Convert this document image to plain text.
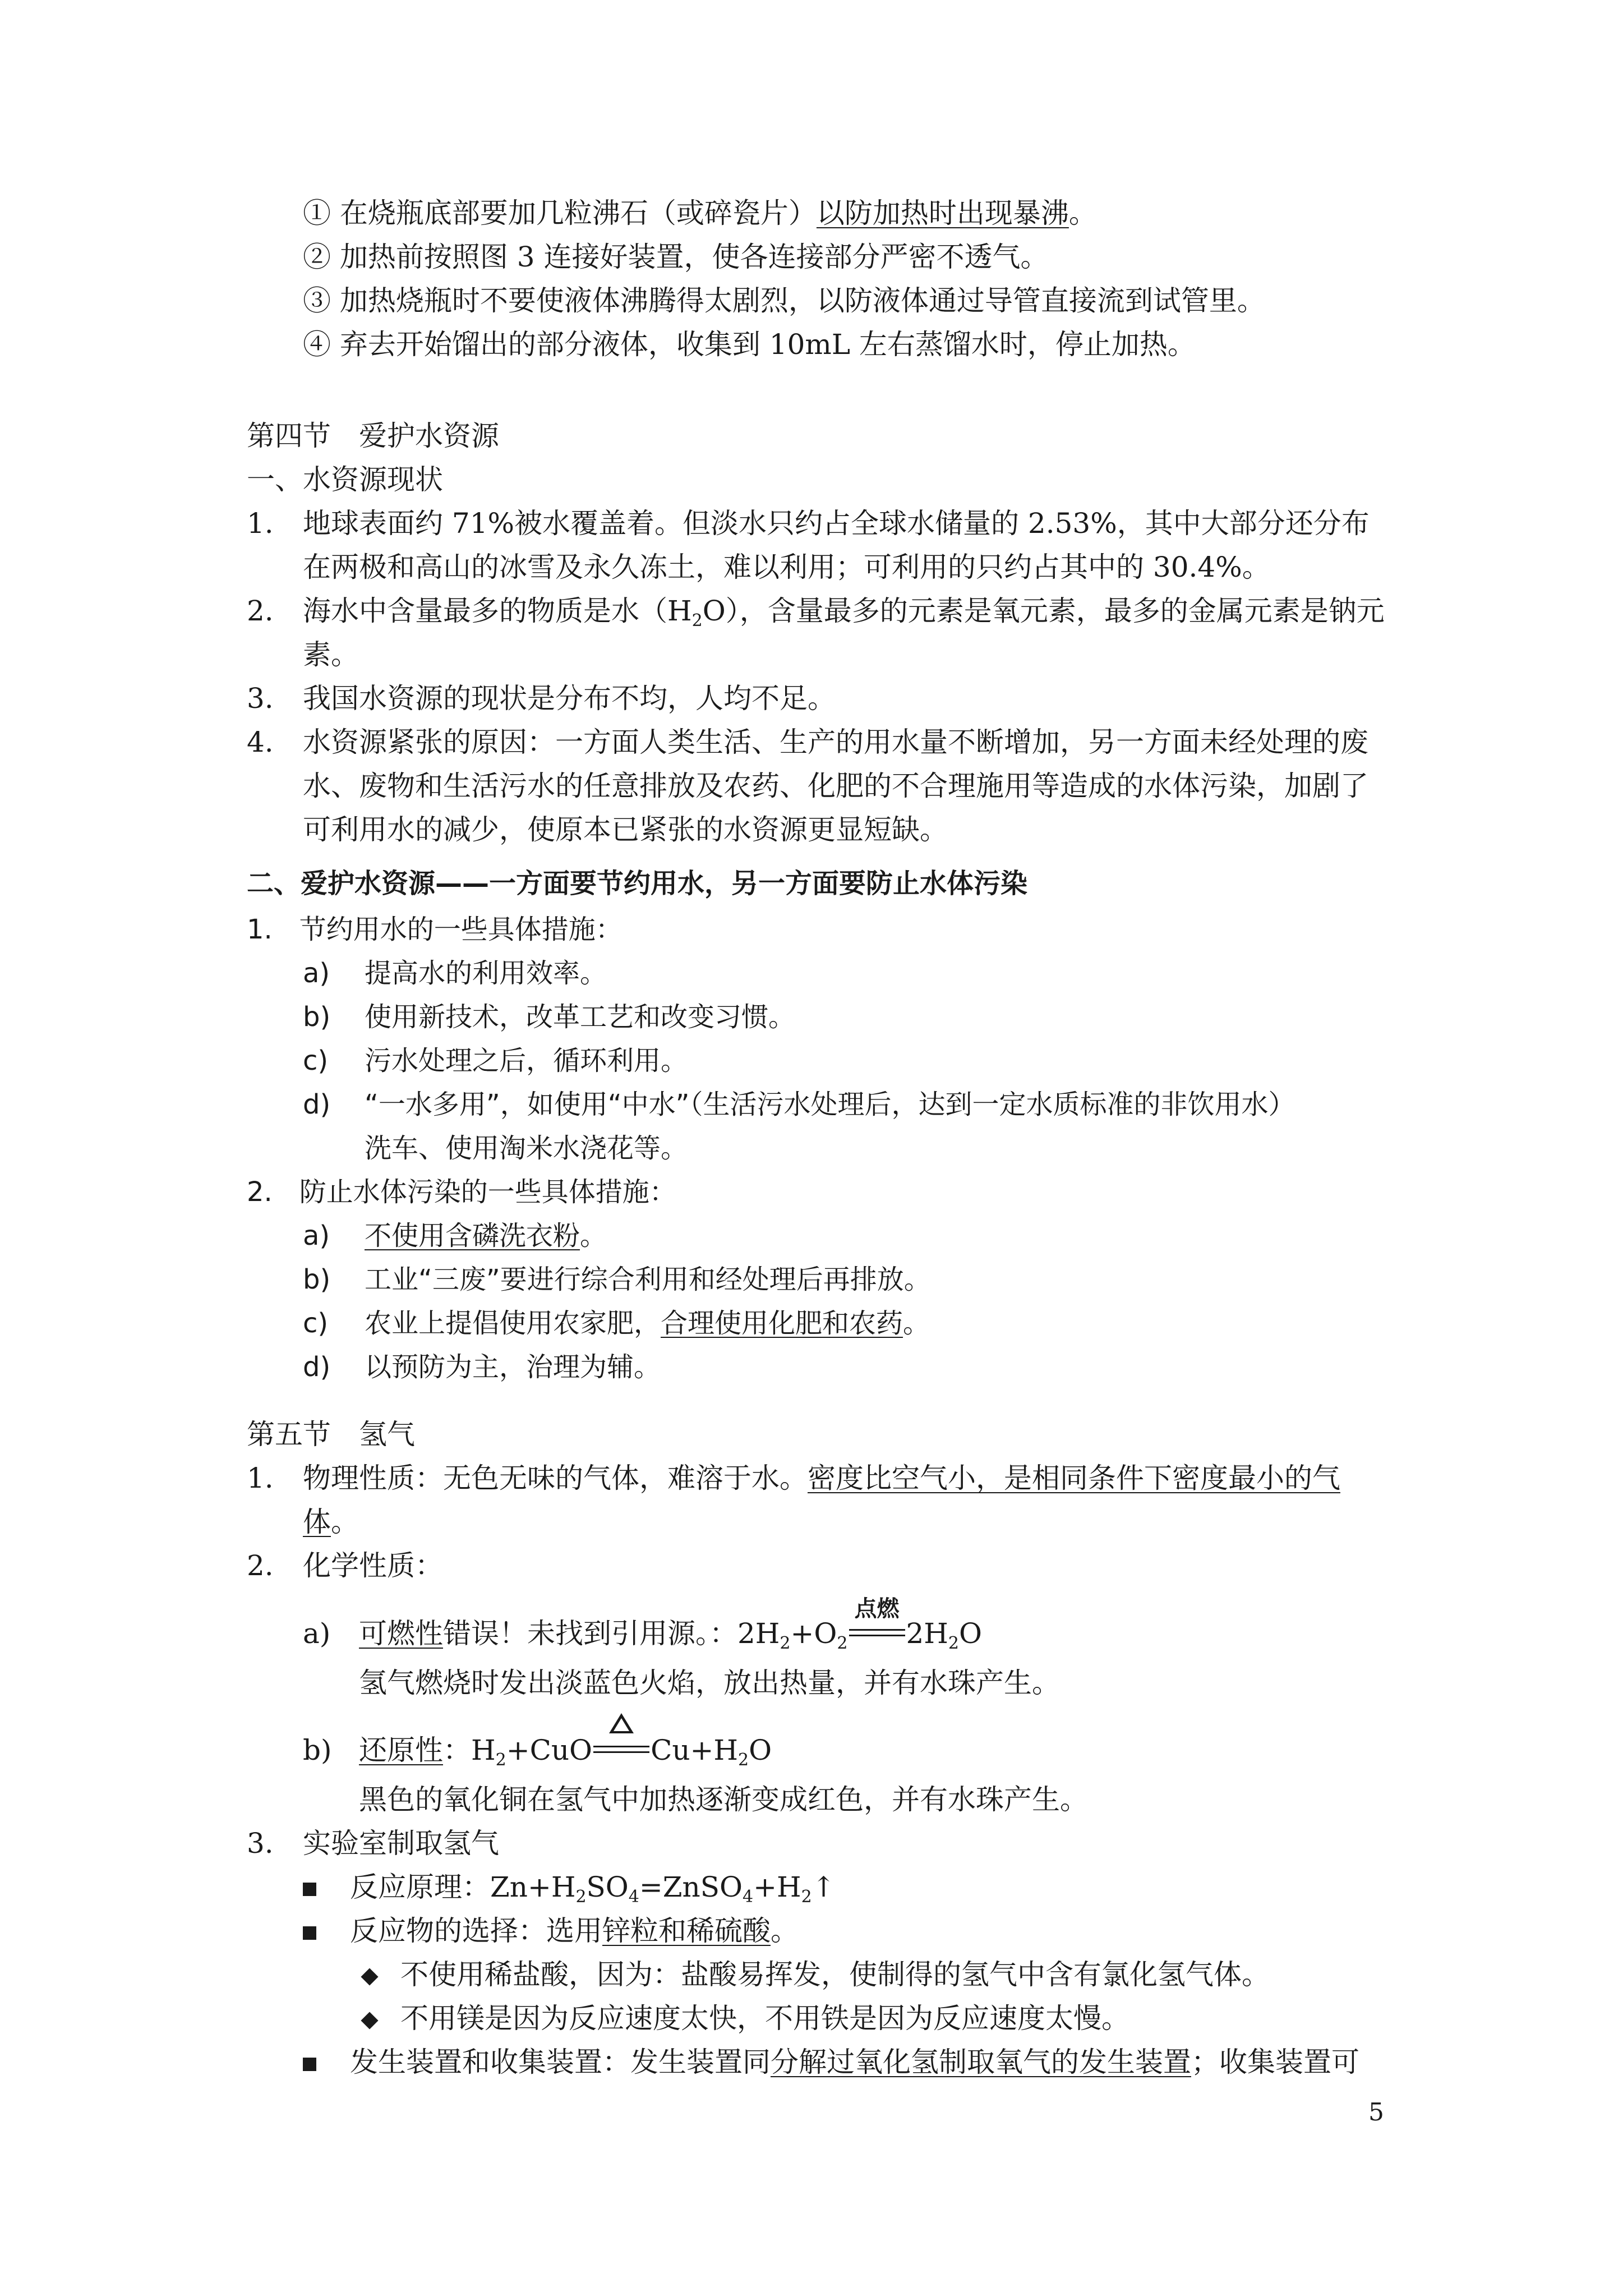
① 在烧瓶底部要加几粒沸石（或碎瓷片）以防加热时出现暴沸。
② 加热前按照图 3 连接好装置，使各连接部分严密不透气。
③ 加热烧瓶时不要使液体沸腾得太剧烈，以防液体通过导管直接流到试管里。
④ 弃去开始馏出的部分液体，收集到 10mL 左右蒸馏水时，停止加热。
第四节　爱护水资源
一、水资源现状
1. 地球表面约 71%被水覆盖着。但淡水只约占全球水储量的 2.53%，其中大部分还分布
在两极和高山的冰雪及永久冻土，难以利用；可利用的只约占其中的 30.4%。
2. 海水中含量最多的物质是水$(H_2O)$，含量最多的元素是氧元素，最多的金属元素是钠元
素。
3. 我国水资源的现状是分布不均，人均不足。
4. 水资源紧张的原因：一方面人类生活、生产的用水量不断增加，另一方面未经处理的废
水、废物和生活污水的任意排放及农药、化肥的不合理施用等造成的水体污染，加剧了
可利用水的减少，使原本已紧张的水资源更显短缺。
二、爱护水资源——一方面要节约用水，另一方面要防止水体污染
1.　节约用水的一些具体措施：
a) 提高水的利用效率。
b) 使用新技术，改革工艺和改变习惯。
c) 污水处理之后，循环利用。
d) “一水多用”，如使用“中水”（生活污水处理后，达到一定水质标准的非饮用水）
洗车、使用淘米水浇花等。
2.　防止水体污染的一些具体措施：
a) 不使用含磷洗衣粉。
b) 工业“三废”要进行综合利用和经处理后再排放。
c) 农业上提倡使用农家肥，合理使用化肥和农药。
d) 以预防为主，治理为辅。
第五节　氢气
1. 物理性质：无色无味的气体，难溶于水。密度比空气小，是相同条件下密度最小的气
体。
2. 化学性质：
a) 可燃性错误！未找到引用源。：$2H_2+O_2$
点燃
$2H_2O$
氢气燃烧时发出淡蓝色火焰，放出热量，并有水珠产生。
b) 还原性：$H_2+CuO$ $Cu+H_2O$
黑色的氧化铜在氢气中加热逐渐变成红色，并有水珠产生。
3. 实验室制取氢气
反应原理：$Zn+H_2SO_4=ZnSO_4+H_2↑$
反应物的选择：选用锌粒和稀硫酸。
不使用稀盐酸，因为：盐酸易挥发，使制得的氢气中含有氯化氢气体。
不用镁是因为反应速度太快，不用铁是因为反应速度太慢。
发生装置和收集装置：发生装置同分解过氧化氢制取氧气的发生装置；收集装置可
5
